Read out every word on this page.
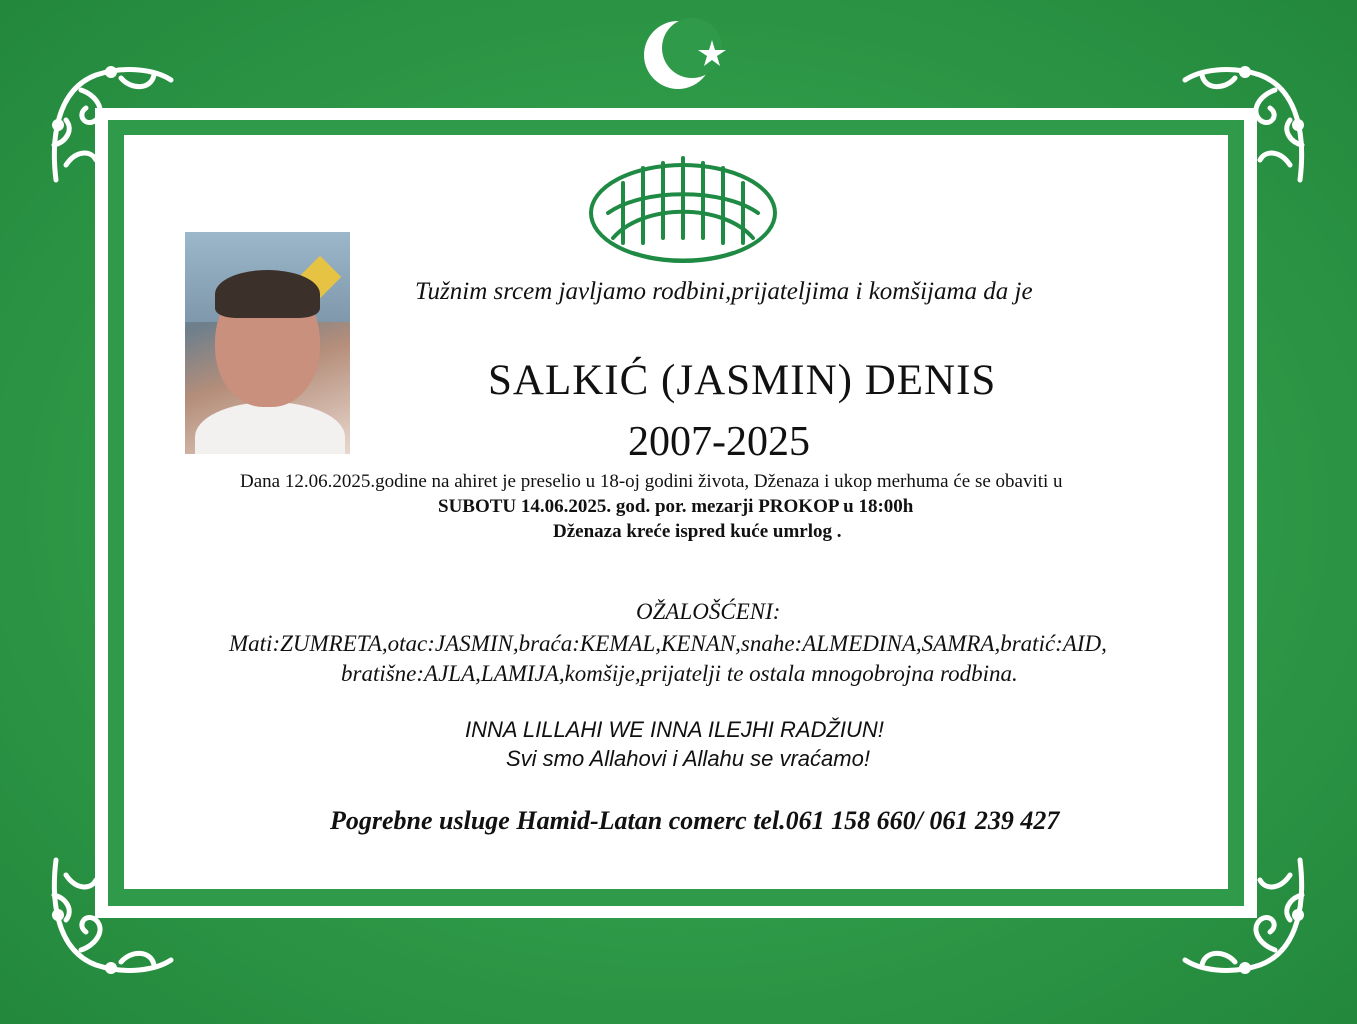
Tužnim srcem javljamo rodbini,prijateljima i komšijama da je

SALKIĆ (JASMIN) DENIS

2007-2025

Dana 12.06.2025.godine na ahiret je preselio u 18-oj godini života, Dženaza i ukop merhuma će se obaviti u

SUBOTU 14.06.2025. god. por. mezarji PROKOP u 18:00h

Dženaza kreće ispred kuće umrlog .

OŽALOŠĆENI:

Mati:ZUMRETA,otac:JASMIN,braća:KEMAL,KENAN,snahe:ALMEDINA,SAMRA,bratić:AID,

bratišne:AJLA,LAMIJA,komšije,prijatelji te ostala mnogobrojna rodbina.

INNA LILLAHI WE INNA ILEJHI RADŽIUN!

Svi smo Allahovi i Allahu se vraćamo!

Pogrebne usluge Hamid-Latan comerc tel.061 158 660/ 061 239 427
